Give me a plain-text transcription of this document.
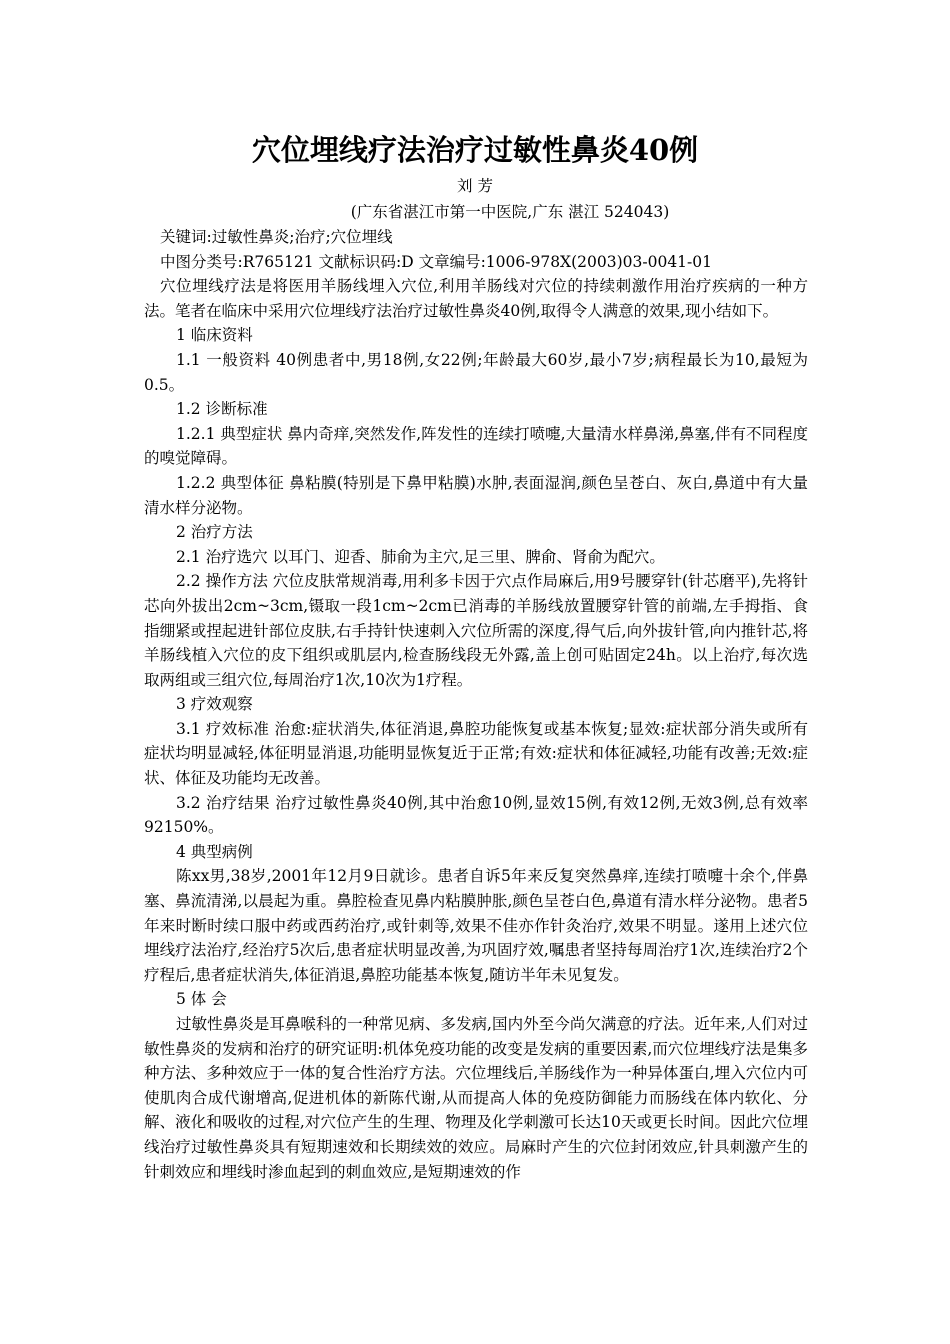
穴位埋线疗法治疗过敏性鼻炎40例
刘 芳
(广东省湛江市第一中医院,广东 湛江 524043)

关键词:过敏性鼻炎;治疗;穴位埋线

中图分类号:R765121 文献标识码:D 文章编号:1006-978X(2003)03-0041-01

穴位埋线疗法是将医用羊肠线埋入穴位,利用羊肠线对穴位的持续刺激作用治疗疾病的一种方法。笔者在临床中采用穴位埋线疗法治疗过敏性鼻炎40例,取得令人满意的效果,现小结如下。

1 临床资料

1.1 一般资料 40例患者中,男18例,女22例;年龄最大60岁,最小7岁;病程最长为10,最短为0.5。

1.2 诊断标准

1.2.1 典型症状 鼻内奇痒,突然发作,阵发性的连续打喷嚏,大量清水样鼻涕,鼻塞,伴有不同程度的嗅觉障碍。

1.2.2 典型体征 鼻粘膜(特别是下鼻甲粘膜)水肿,表面湿润,颜色呈苍白、灰白,鼻道中有大量清水样分泌物。

2 治疗方法

2.1 治疗选穴 以耳门、迎香、肺俞为主穴,足三里、脾俞、肾俞为配穴。

2.2 操作方法 穴位皮肤常规消毒,用利多卡因于穴点作局麻后,用9号腰穿针(针芯磨平),先将针芯向外拔出2cm~3cm,镊取一段1cm~2cm已消毒的羊肠线放置腰穿针管的前端,左手拇指、食指绷紧或捏起进针部位皮肤,右手持针快速刺入穴位所需的深度,得气后,向外拔针管,向内推针芯,将羊肠线植入穴位的皮下组织或肌层内,检查肠线段无外露,盖上创可贴固定24h。以上治疗,每次选取两组或三组穴位,每周治疗1次,10次为1疗程。

3 疗效观察

3.1 疗效标准 治愈:症状消失,体征消退,鼻腔功能恢复或基本恢复;显效:症状部分消失或所有症状均明显减轻,体征明显消退,功能明显恢复近于正常;有效:症状和体征减轻,功能有改善;无效:症状、体征及功能均无改善。

3.2 治疗结果 治疗过敏性鼻炎40例,其中治愈10例,显效15例,有效12例,无效3例,总有效率92150%。

4 典型病例

陈xx男,38岁,2001年12月9日就诊。患者自诉5年来反复突然鼻痒,连续打喷嚏十余个,伴鼻塞、鼻流清涕,以晨起为重。鼻腔检查见鼻内粘膜肿胀,颜色呈苍白色,鼻道有清水样分泌物。患者5年来时断时续口服中药或西药治疗,或针刺等,效果不佳亦作针灸治疗,效果不明显。遂用上述穴位埋线疗法治疗,经治疗5次后,患者症状明显改善,为巩固疗效,嘱患者坚持每周治疗1次,连续治疗2个疗程后,患者症状消失,体征消退,鼻腔功能基本恢复,随访半年未见复发。

5 体 会

过敏性鼻炎是耳鼻喉科的一种常见病、多发病,国内外至今尚欠满意的疗法。近年来,人们对过敏性鼻炎的发病和治疗的研究证明:机体免疫功能的改变是发病的重要因素,而穴位埋线疗法是集多种方法、多种效应于一体的复合性治疗方法。穴位埋线后,羊肠线作为一种异体蛋白,埋入穴位内可使肌肉合成代谢增高,促进机体的新陈代谢,从而提高人体的免疫防御能力而肠线在体内软化、分解、液化和吸收的过程,对穴位产生的生理、物理及化学刺激可长达10天或更长时间。因此穴位埋线治疗过敏性鼻炎具有短期速效和长期续效的效应。局麻时产生的穴位封闭效应,针具刺激产生的针刺效应和埋线时渗血起到的刺血效应,是短期速效的作
